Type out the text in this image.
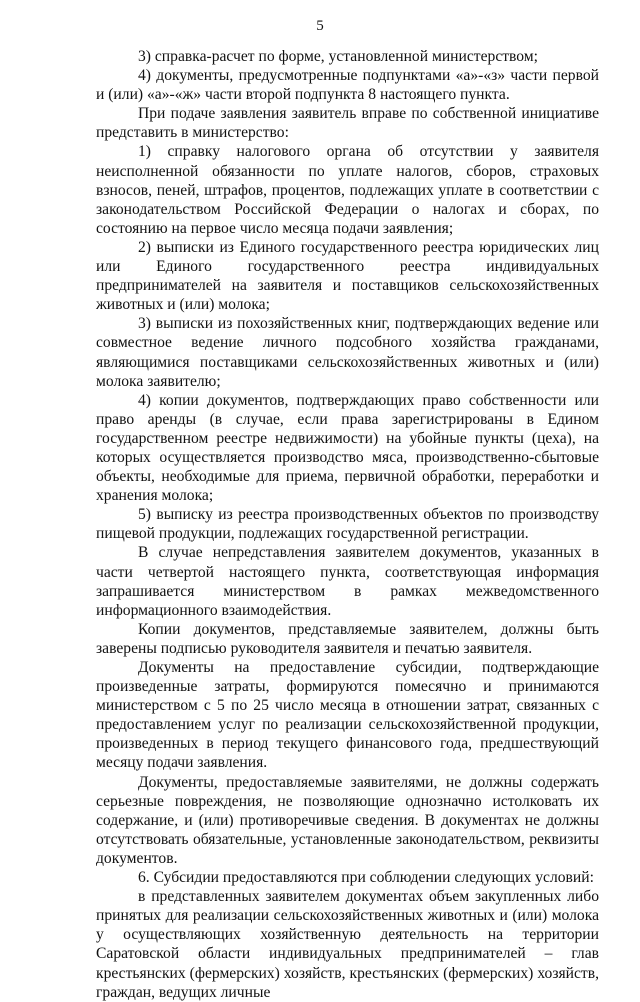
5

3) справка-расчет по форме, установленной министерством;

4) документы, предусмотренные подпунктами «а»-«з» части первой и (или) «а»-«ж» части второй подпункта 8 настоящего пункта.

При подаче заявления заявитель вправе по собственной инициативе представить в министерство:

1) справку налогового органа об отсутствии у заявителя неисполненной обязанности по уплате налогов, сборов, страховых взносов, пеней, штрафов, процентов, подлежащих уплате в соответствии с законодательством Российской Федерации о налогах и сборах, по состоянию на первое число месяца подачи заявления;

2) выписки из Единого государственного реестра юридических лиц или Единого государственного реестра индивидуальных предпринимателей на заявителя и поставщиков сельскохозяйственных животных и (или) молока;

3) выписки из похозяйственных книг, подтверждающих ведение или совместное ведение личного подсобного хозяйства гражданами, являющимися поставщиками сельскохозяйственных животных и (или) молока заявителю;

4) копии документов, подтверждающих право собственности или право аренды (в случае, если права зарегистрированы в Едином государственном реестре недвижимости) на убойные пункты (цеха), на которых осуществляется производство мяса, производственно-сбытовые объекты, необходимые для приема, первичной обработки, переработки и хранения молока;

5) выписку из реестра производственных объектов по производству пищевой продукции, подлежащих государственной регистрации.

В случае непредставления заявителем документов, указанных в части четвертой настоящего пункта, соответствующая информация запрашивается министерством в рамках межведомственного информационного взаимодействия.

Копии документов, представляемые заявителем, должны быть заверены подписью руководителя заявителя и печатью заявителя.

Документы на предоставление субсидии, подтверждающие произведенные затраты, формируются помесячно и принимаются министерством с 5 по 25 число месяца в отношении затрат, связанных с предоставлением услуг по реализации сельскохозяйственной продукции, произведенных в период текущего финансового года, предшествующий месяцу подачи заявления.

Документы, предоставляемые заявителями, не должны содержать серьезные повреждения, не позволяющие однозначно истолковать их содержание, и (или) противоречивые сведения. В документах не должны отсутствовать обязательные, установленные законодательством, реквизиты документов.

6. Субсидии предоставляются при соблюдении следующих условий:

в представленных заявителем документах объем закупленных либо принятых для реализации сельскохозяйственных животных и (или) молока у осуществляющих хозяйственную деятельность на территории Саратовской области индивидуальных предпринимателей – глав крестьянских (фермерских) хозяйств, крестьянских (фермерских) хозяйств, граждан, ведущих личные
